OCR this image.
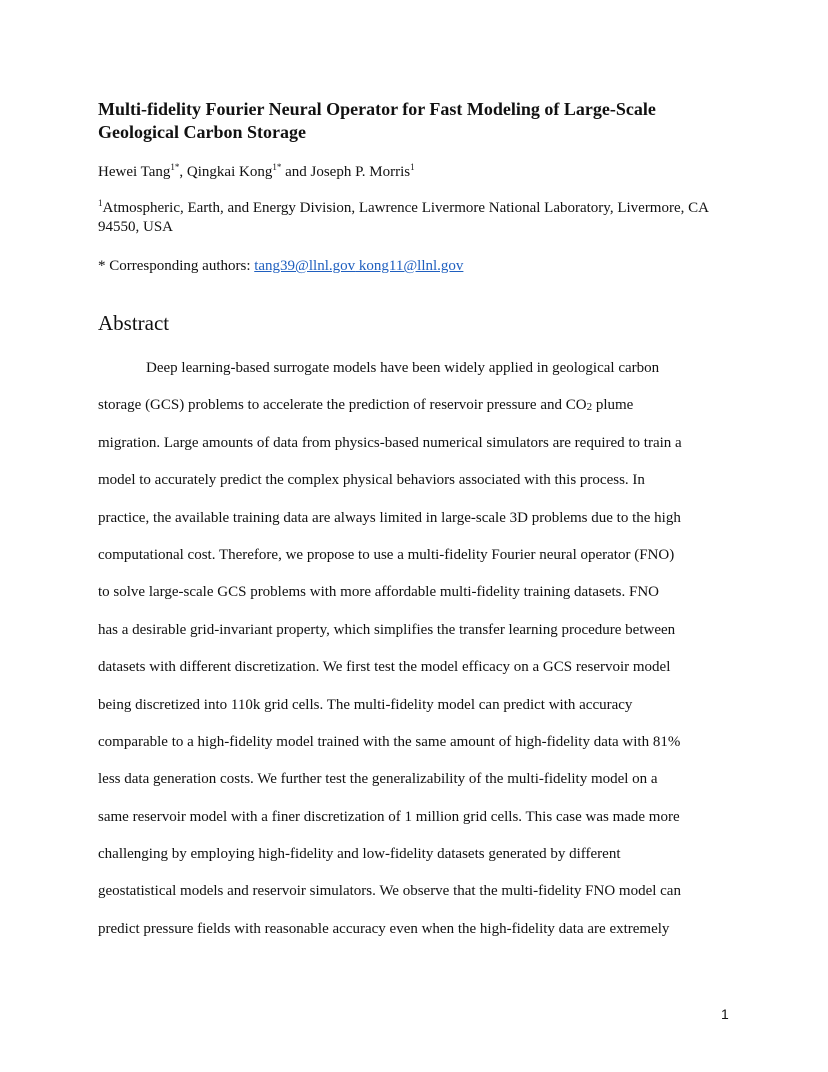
Multi-fidelity Fourier Neural Operator for Fast Modeling of Large-Scale Geological Carbon Storage

Hewei Tang$^{1*}$, Qingkai Kong$^{1*}$ and Joseph P. Morris$^1$

$^1$Atmospheric, Earth, and Energy Division, Lawrence Livermore National Laboratory, Livermore, CA 94550, USA

* Corresponding authors: tang39@llnl.gov kong11@llnl.gov

Abstract
Deep learning-based surrogate models have been widely applied in geological carbon
storage (GCS) problems to accelerate the prediction of reservoir pressure and $CO_2$ plume
migration. Large amounts of data from physics-based numerical simulators are required to train a
model to accurately predict the complex physical behaviors associated with this process. In
practice, the available training data are always limited in large-scale 3D problems due to the high
computational cost. Therefore, we propose to use a multi-fidelity Fourier neural operator (FNO)
to solve large-scale GCS problems with more affordable multi-fidelity training datasets. FNO
has a desirable grid-invariant property, which simplifies the transfer learning procedure between
datasets with different discretization. We first test the model efficacy on a GCS reservoir model
being discretized into 110k grid cells. The multi-fidelity model can predict with accuracy
comparable to a high-fidelity model trained with the same amount of high-fidelity data with 81%
less data generation costs. We further test the generalizability of the multi-fidelity model on a
same reservoir model with a finer discretization of 1 million grid cells. This case was made more
challenging by employing high-fidelity and low-fidelity datasets generated by different
geostatistical models and reservoir simulators. We observe that the multi-fidelity FNO model can
predict pressure fields with reasonable accuracy even when the high-fidelity data are extremely
1
